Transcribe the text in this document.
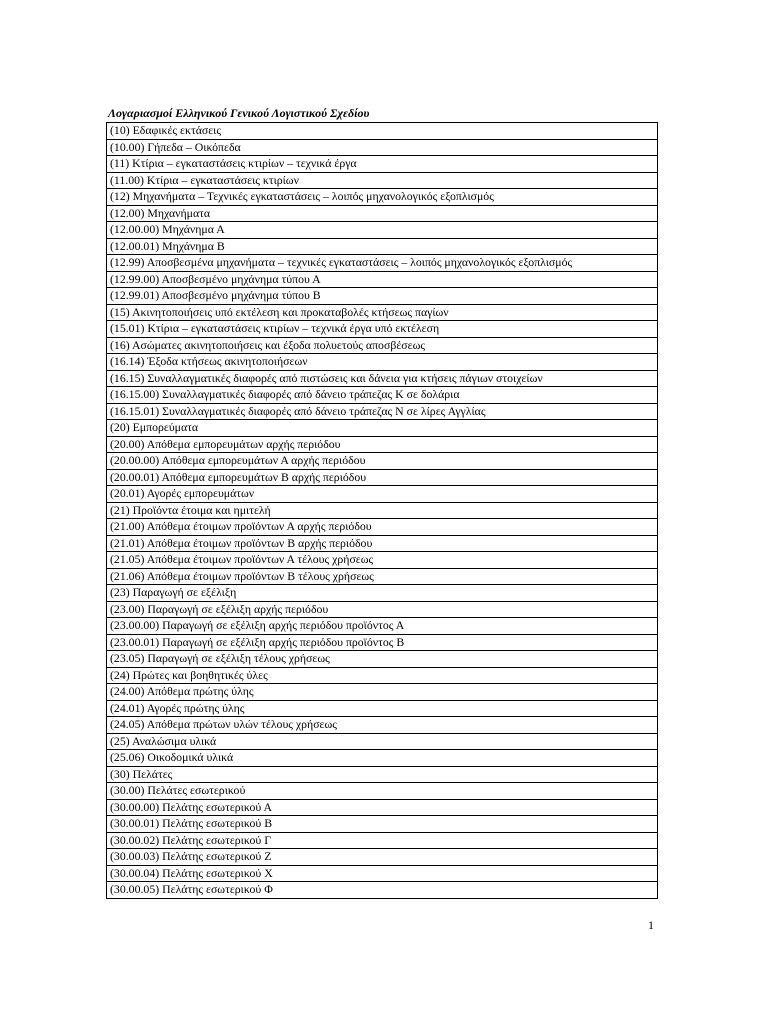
Λογαριασμοί Ελληνικού Γενικού Λογιστικού Σχεδίου
(10) Εδαφικές εκτάσεις
(10.00) Γήπεδα – Οικόπεδα
(11) Κτίρια – εγκαταστάσεις κτιρίων – τεχνικά έργα
(11.00) Κτίρια – εγκαταστάσεις κτιρίων
(12) Μηχανήματα – Τεχνικές εγκαταστάσεις – λοιπός μηχανολογικός εξοπλισμός
(12.00) Μηχανήματα
(12.00.00) Μηχάνημα Α
(12.00.01) Μηχάνημα Β
(12.99) Αποσβεσμένα μηχανήματα – τεχνικές εγκαταστάσεις – λοιπός μηχανολογικός εξοπλισμός
(12.99.00) Αποσβεσμένο μηχάνημα τύπου Α
(12.99.01) Αποσβεσμένο μηχάνημα τύπου Β
(15) Ακινητοποιήσεις υπό εκτέλεση και προκαταβολές κτήσεως παγίων
(15.01) Κτίρια – εγκαταστάσεις κτιρίων – τεχνικά έργα υπό εκτέλεση
(16) Ασώματες ακινητοποιήσεις και έξοδα πολυετούς αποσβέσεως
(16.14) Έξοδα κτήσεως ακινητοποιήσεων
(16.15) Συναλλαγματικές διαφορές από πιστώσεις και δάνεια για κτήσεις πάγιων στοιχείων
(16.15.00) Συναλλαγματικές διαφορές από δάνειο τράπεζας Κ σε δολάρια
(16.15.01) Συναλλαγματικές διαφορές από δάνειο τράπεζας Ν σε λίρες Αγγλίας
(20) Εμπορεύματα
(20.00) Απόθεμα εμπορευμάτων αρχής περιόδου
(20.00.00) Απόθεμα εμπορευμάτων Α αρχής περιόδου
(20.00.01) Απόθεμα εμπορευμάτων Β αρχής περιόδου
(20.01) Αγορές εμπορευμάτων
(21) Προϊόντα έτοιμα και ημιτελή
(21.00) Απόθεμα έτοιμων προϊόντων Α αρχής περιόδου
(21.01) Απόθεμα έτοιμων προϊόντων Β αρχής περιόδου
(21.05) Απόθεμα έτοιμων προϊόντων Α τέλους χρήσεως
(21.06) Απόθεμα έτοιμων προϊόντων Β τέλους χρήσεως
(23) Παραγωγή σε εξέλιξη
(23.00) Παραγωγή σε εξέλιξη αρχής περιόδου
(23.00.00) Παραγωγή σε εξέλιξη αρχής περιόδου προϊόντος Α
(23.00.01) Παραγωγή σε εξέλιξη αρχής περιόδου προϊόντος Β
(23.05) Παραγωγή σε εξέλιξη τέλους χρήσεως
(24) Πρώτες και βοηθητικές ύλες
(24.00) Απόθεμα πρώτης ύλης
(24.01) Αγορές πρώτης ύλης
(24.05) Απόθεμα πρώτων υλών τέλους χρήσεως
(25) Αναλώσιμα υλικά
(25.06) Οικοδομικά υλικά
(30) Πελάτες
(30.00) Πελάτες εσωτερικού
(30.00.00) Πελάτης εσωτερικού Α
(30.00.01) Πελάτης εσωτερικού Β
(30.00.02) Πελάτης εσωτερικού Γ
(30.00.03) Πελάτης εσωτερικού Ζ
(30.00.04) Πελάτης εσωτερικού Χ
(30.00.05) Πελάτης εσωτερικού Φ
1
